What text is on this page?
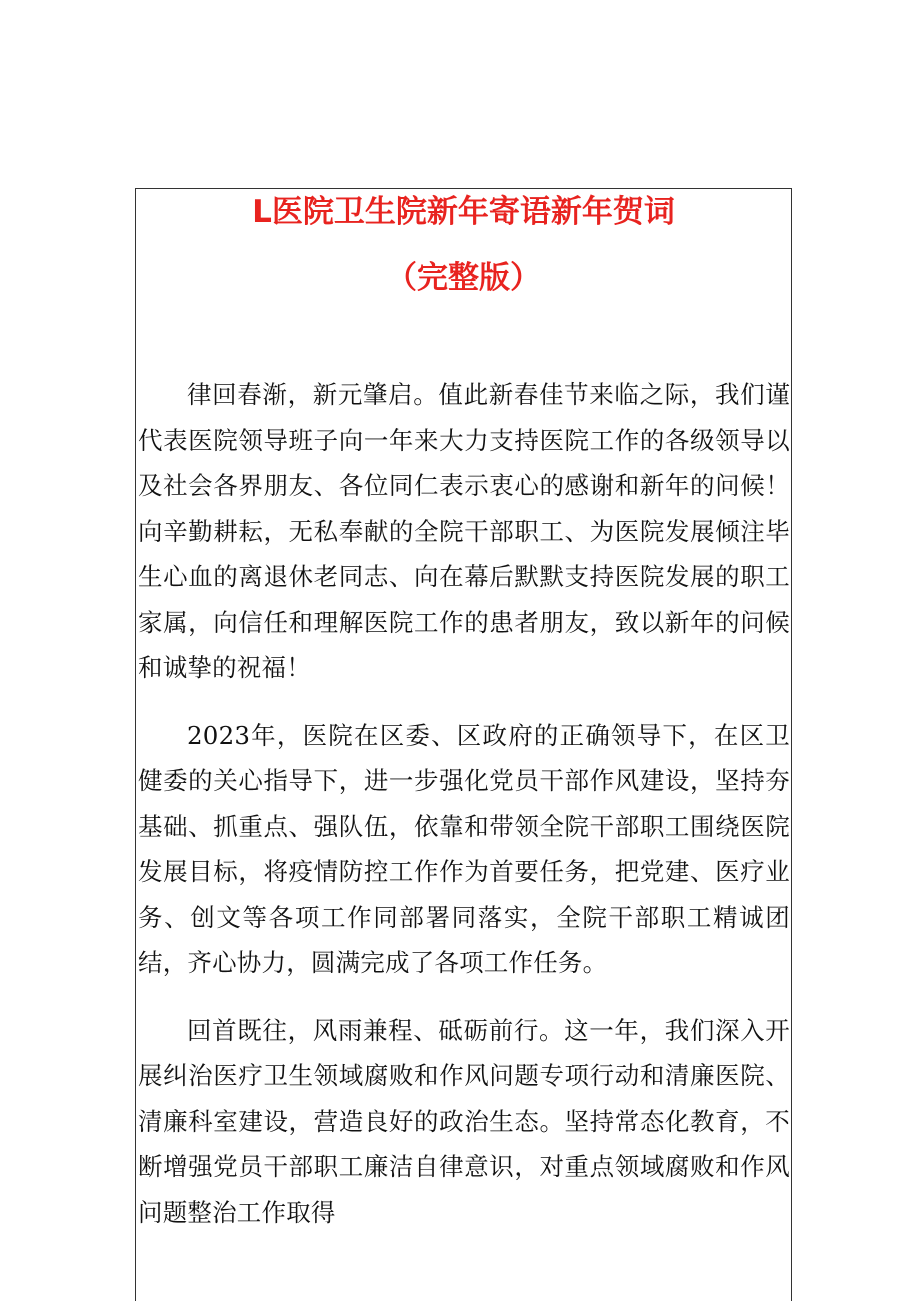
L医院卫生院新年寄语新年贺词
（完整版）

律回春渐，新元肇启。值此新春佳节来临之际，我们谨代表医院领导班子向一年来大力支持医院工作的各级领导以及社会各界朋友、各位同仁表示衷心的感谢和新年的问候！向辛勤耕耘，无私奉献的全院干部职工、为医院发展倾注毕生心血的离退休老同志、向在幕后默默支持医院发展的职工家属，向信任和理解医院工作的患者朋友，致以新年的问候和诚挚的祝福！

2023年，医院在区委、区政府的正确领导下，在区卫健委的关心指导下，进一步强化党员干部作风建设，坚持夯基础、抓重点、强队伍，依靠和带领全院干部职工围绕医院发展目标，将疫情防控工作作为首要任务，把党建、医疗业务、创文等各项工作同部署同落实，全院干部职工精诚团结，齐心协力，圆满完成了各项工作任务。

回首既往，风雨兼程、砥砺前行。这一年，我们深入开展纠治医疗卫生领域腐败和作风问题专项行动和清廉医院、清廉科室建设，营造良好的政治生态。坚持常态化教育，不断增强党员干部职工廉洁自律意识，对重点领域腐败和作风问题整治工作取得
